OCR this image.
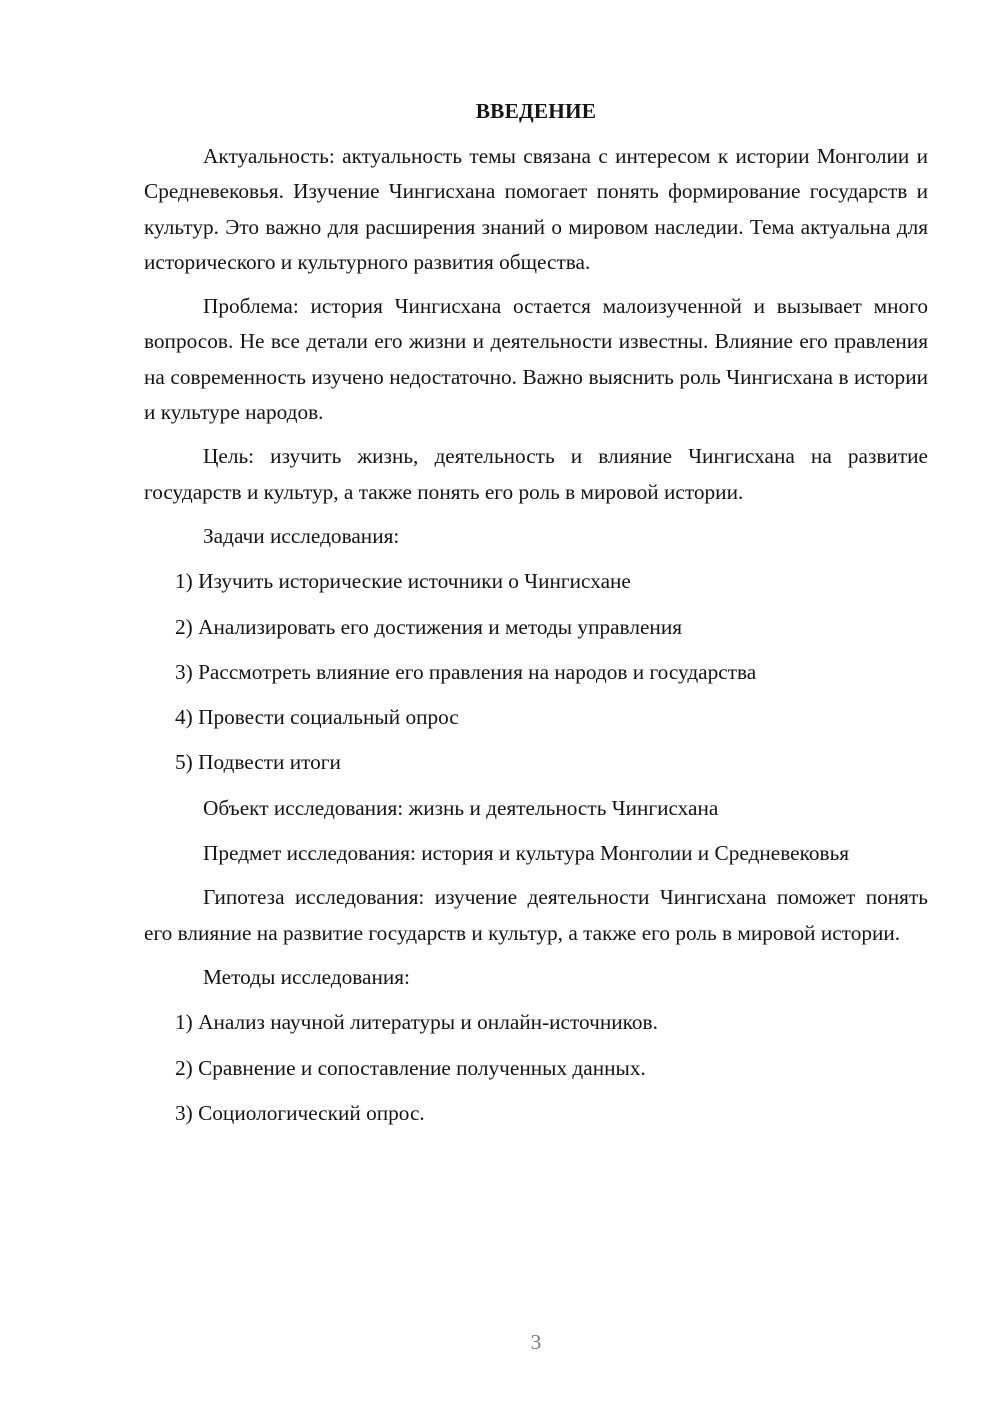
ВВЕДЕНИЕ

Актуальность: актуальность темы связана с интересом к истории Монголии и Средневековья. Изучение Чингисхана помогает понять формирование государств и культур. Это важно для расширения знаний о мировом наследии. Тема актуальна для исторического и культурного развития общества.

Проблема: история Чингисхана остается малоизученной и вызывает много вопросов. Не все детали его жизни и деятельности известны. Влияние его правления на современность изучено недостаточно. Важно выяснить роль Чингисхана в истории и культуре народов.

Цель: изучить жизнь, деятельность и влияние Чингисхана на развитие государств и культур, а также понять его роль в мировой истории.

Задачи исследования:
1) Изучить исторические источники о Чингисхане
2) Анализировать его достижения и методы управления
3) Рассмотреть влияние его правления на народов и государства
4) Провести социальный опрос
5) Подвести итоги
Объект исследования: жизнь и деятельность Чингисхана

Предмет исследования: история и культура Монголии и Средневековья

Гипотеза исследования: изучение деятельности Чингисхана поможет понять его влияние на развитие государств и культур, а также его роль в мировой истории.

Методы исследования:
1) Анализ научной литературы и онлайн-источников.
2) Сравнение и сопоставление полученных данных.
3) Социологический опрос.
3
